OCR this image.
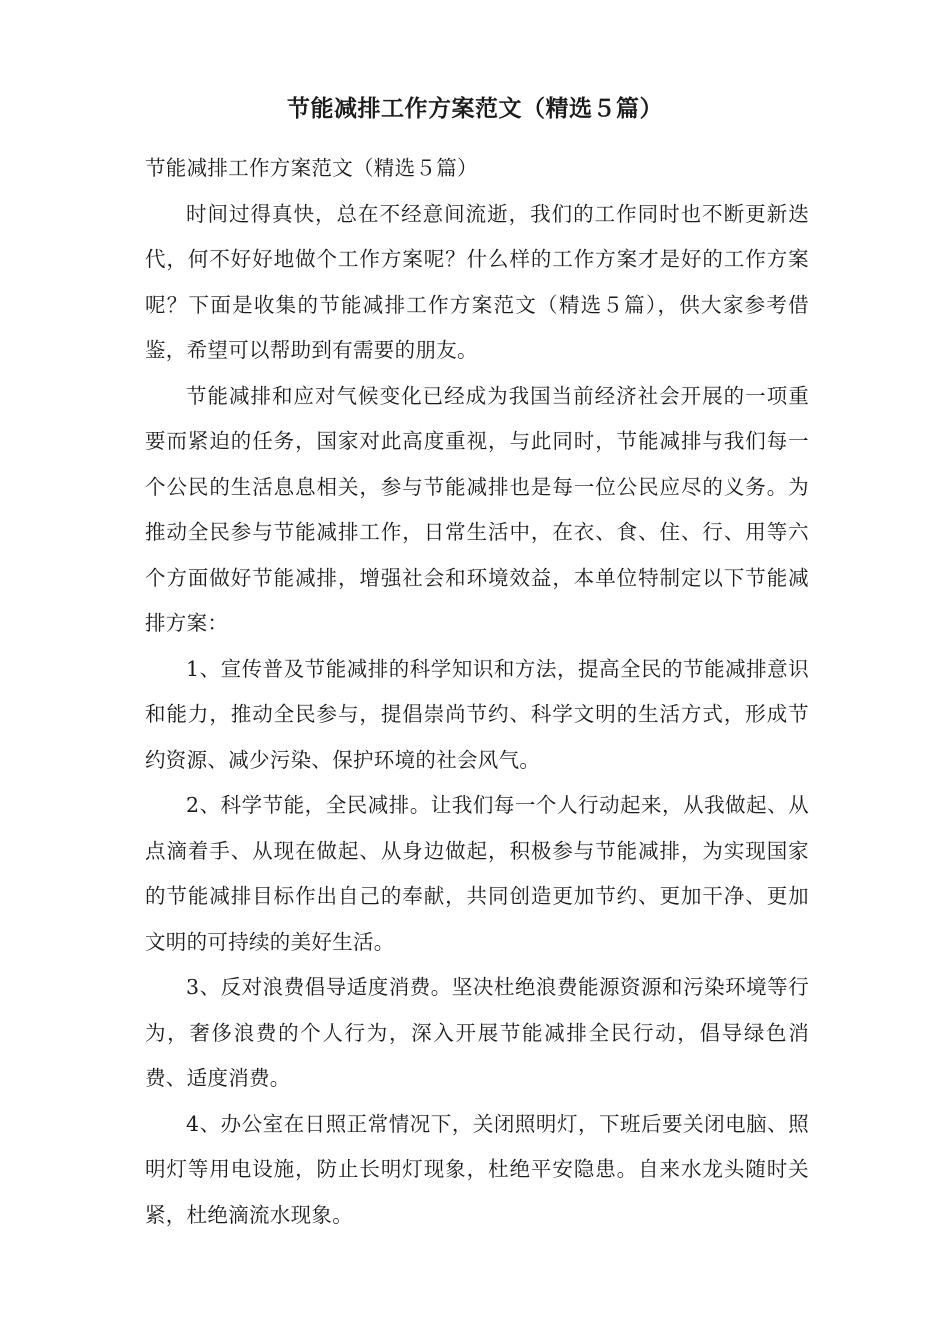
节能减排工作方案范文（精选５篇）

节能减排工作方案范文（精选５篇）

时间过得真快，总在不经意间流逝，我们的工作同时也不断更新迭代，何不好好地做个工作方案呢？什么样的工作方案才是好的工作方案呢？下面是收集的节能减排工作方案范文（精选５篇），供大家参考借鉴，希望可以帮助到有需要的朋友。

节能减排和应对气候变化已经成为我国当前经济社会开展的一项重要而紧迫的任务，国家对此高度重视，与此同时，节能减排与我们每一个公民的生活息息相关，参与节能减排也是每一位公民应尽的义务。为推动全民参与节能减排工作，日常生活中，在衣、食、住、行、用等六个方面做好节能减排，增强社会和环境效益，本单位特制定以下节能减排方案：

1、宣传普及节能减排的科学知识和方法，提高全民的节能减排意识和能力，推动全民参与，提倡崇尚节约、科学文明的生活方式，形成节约资源、减少污染、保护环境的社会风气。

2、科学节能，全民减排。让我们每一个人行动起来，从我做起、从点滴着手、从现在做起、从身边做起，积极参与节能减排，为实现国家的节能减排目标作出自己的奉献，共同创造更加节约、更加干净、更加文明的可持续的美好生活。

3、反对浪费倡导适度消费。坚决杜绝浪费能源资源和污染环境等行为，奢侈浪费的个人行为，深入开展节能减排全民行动，倡导绿色消费、适度消费。

4、办公室在日照正常情况下，关闭照明灯，下班后要关闭电脑、照明灯等用电设施，防止长明灯现象，杜绝平安隐患。自来水龙头随时关紧，杜绝滴流水现象。
